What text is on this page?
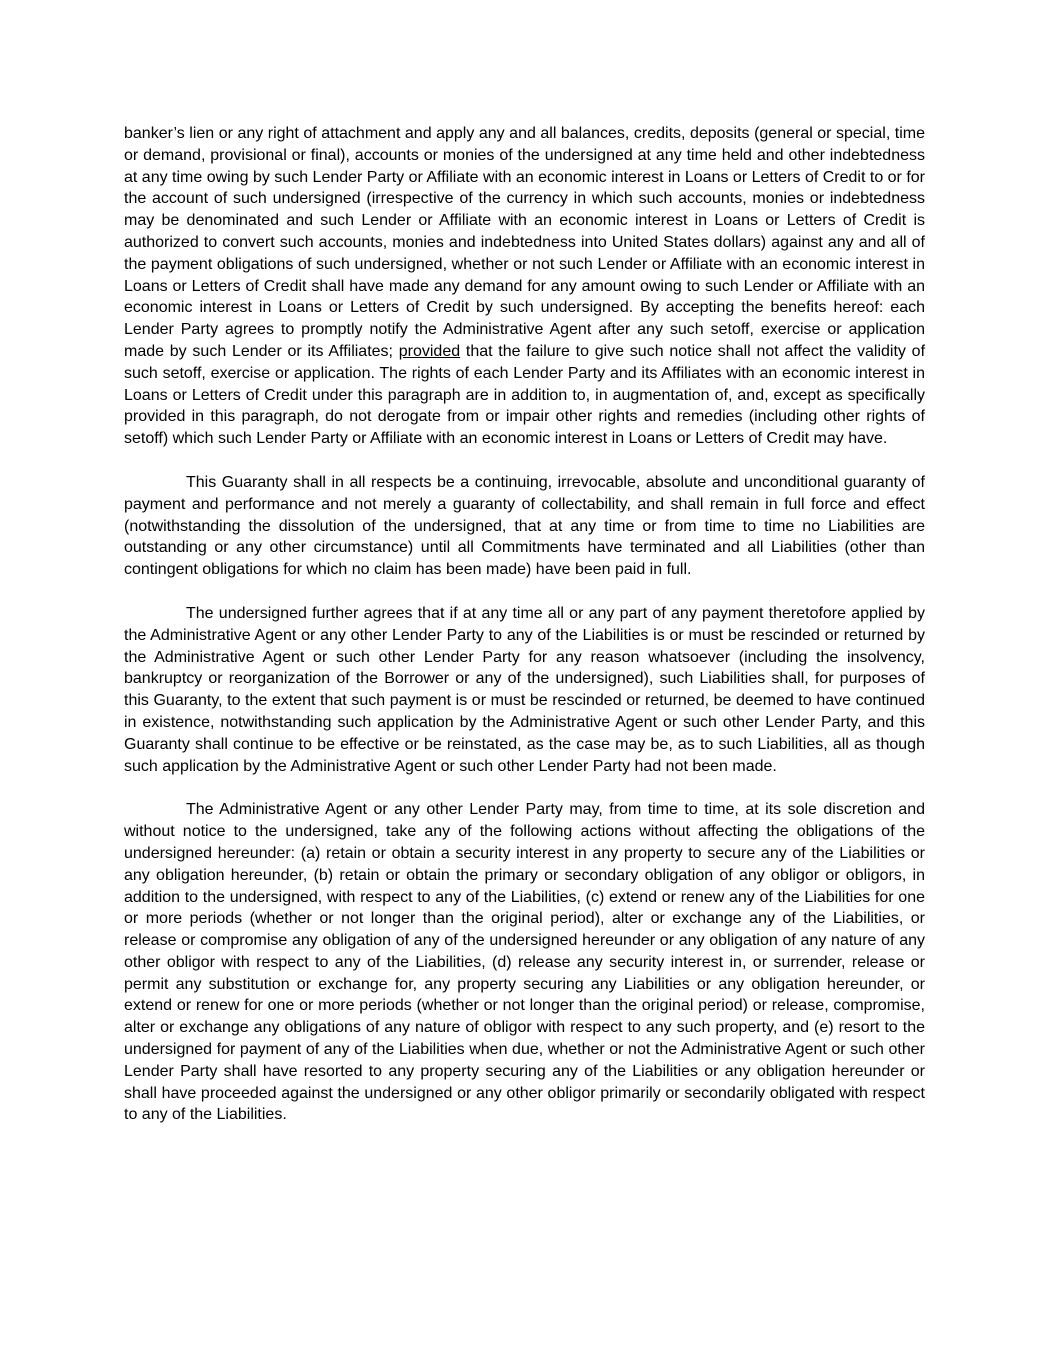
banker’s lien or any right of attachment and apply any and all balances, credits, deposits (general or special, time or demand, provisional or final), accounts or monies of the undersigned at any time held and other indebtedness at any time owing by such Lender Party or Affiliate with an economic interest in Loans or Letters of Credit to or for the account of such undersigned (irrespective of the currency in which such accounts, monies or indebtedness may be denominated and such Lender or Affiliate with an economic interest in Loans or Letters of Credit is authorized to convert such accounts, monies and indebtedness into United States dollars) against any and all of the payment obligations of such undersigned, whether or not such Lender or Affiliate with an economic interest in Loans or Letters of Credit shall have made any demand for any amount owing to such Lender or Affiliate with an economic interest in Loans or Letters of Credit by such undersigned. By accepting the benefits hereof: each Lender Party agrees to promptly notify the Administrative Agent after any such setoff, exercise or application made by such Lender or its Affiliates; provided that the failure to give such notice shall not affect the validity of such setoff, exercise or application. The rights of each Lender Party and its Affiliates with an economic interest in Loans or Letters of Credit under this paragraph are in addition to, in augmentation of, and, except as specifically provided in this paragraph, do not derogate from or impair other rights and remedies (including other rights of setoff) which such Lender Party or Affiliate with an economic interest in Loans or Letters of Credit may have.

This Guaranty shall in all respects be a continuing, irrevocable, absolute and unconditional guaranty of payment and performance and not merely a guaranty of collectability, and shall remain in full force and effect (notwithstanding the dissolution of the undersigned, that at any time or from time to time no Liabilities are outstanding or any other circumstance) until all Commitments have terminated and all Liabilities (other than contingent obligations for which no claim has been made) have been paid in full.

The undersigned further agrees that if at any time all or any part of any payment theretofore applied by the Administrative Agent or any other Lender Party to any of the Liabilities is or must be rescinded or returned by the Administrative Agent or such other Lender Party for any reason whatsoever (including the insolvency, bankruptcy or reorganization of the Borrower or any of the undersigned), such Liabilities shall, for purposes of this Guaranty, to the extent that such payment is or must be rescinded or returned, be deemed to have continued in existence, notwithstanding such application by the Administrative Agent or such other Lender Party, and this Guaranty shall continue to be effective or be reinstated, as the case may be, as to such Liabilities, all as though such application by the Administrative Agent or such other Lender Party had not been made.

The Administrative Agent or any other Lender Party may, from time to time, at its sole discretion and without notice to the undersigned, take any of the following actions without affecting the obligations of the undersigned hereunder: (a) retain or obtain a security interest in any property to secure any of the Liabilities or any obligation hereunder, (b) retain or obtain the primary or secondary obligation of any obligor or obligors, in addition to the undersigned, with respect to any of the Liabilities, (c) extend or renew any of the Liabilities for one or more periods (whether or not longer than the original period), alter or exchange any of the Liabilities, or release or compromise any obligation of any of the undersigned hereunder or any obligation of any nature of any other obligor with respect to any of the Liabilities, (d) release any security interest in, or surrender, release or permit any substitution or exchange for, any property securing any Liabilities or any obligation hereunder, or extend or renew for one or more periods (whether or not longer than the original period) or release, compromise, alter or exchange any obligations of any nature of obligor with respect to any such property, and (e) resort to the undersigned for payment of any of the Liabilities when due, whether or not the Administrative Agent or such other Lender Party shall have resorted to any property securing any of the Liabilities or any obligation hereunder or shall have proceeded against the undersigned or any other obligor primarily or secondarily obligated with respect to any of the Liabilities.
